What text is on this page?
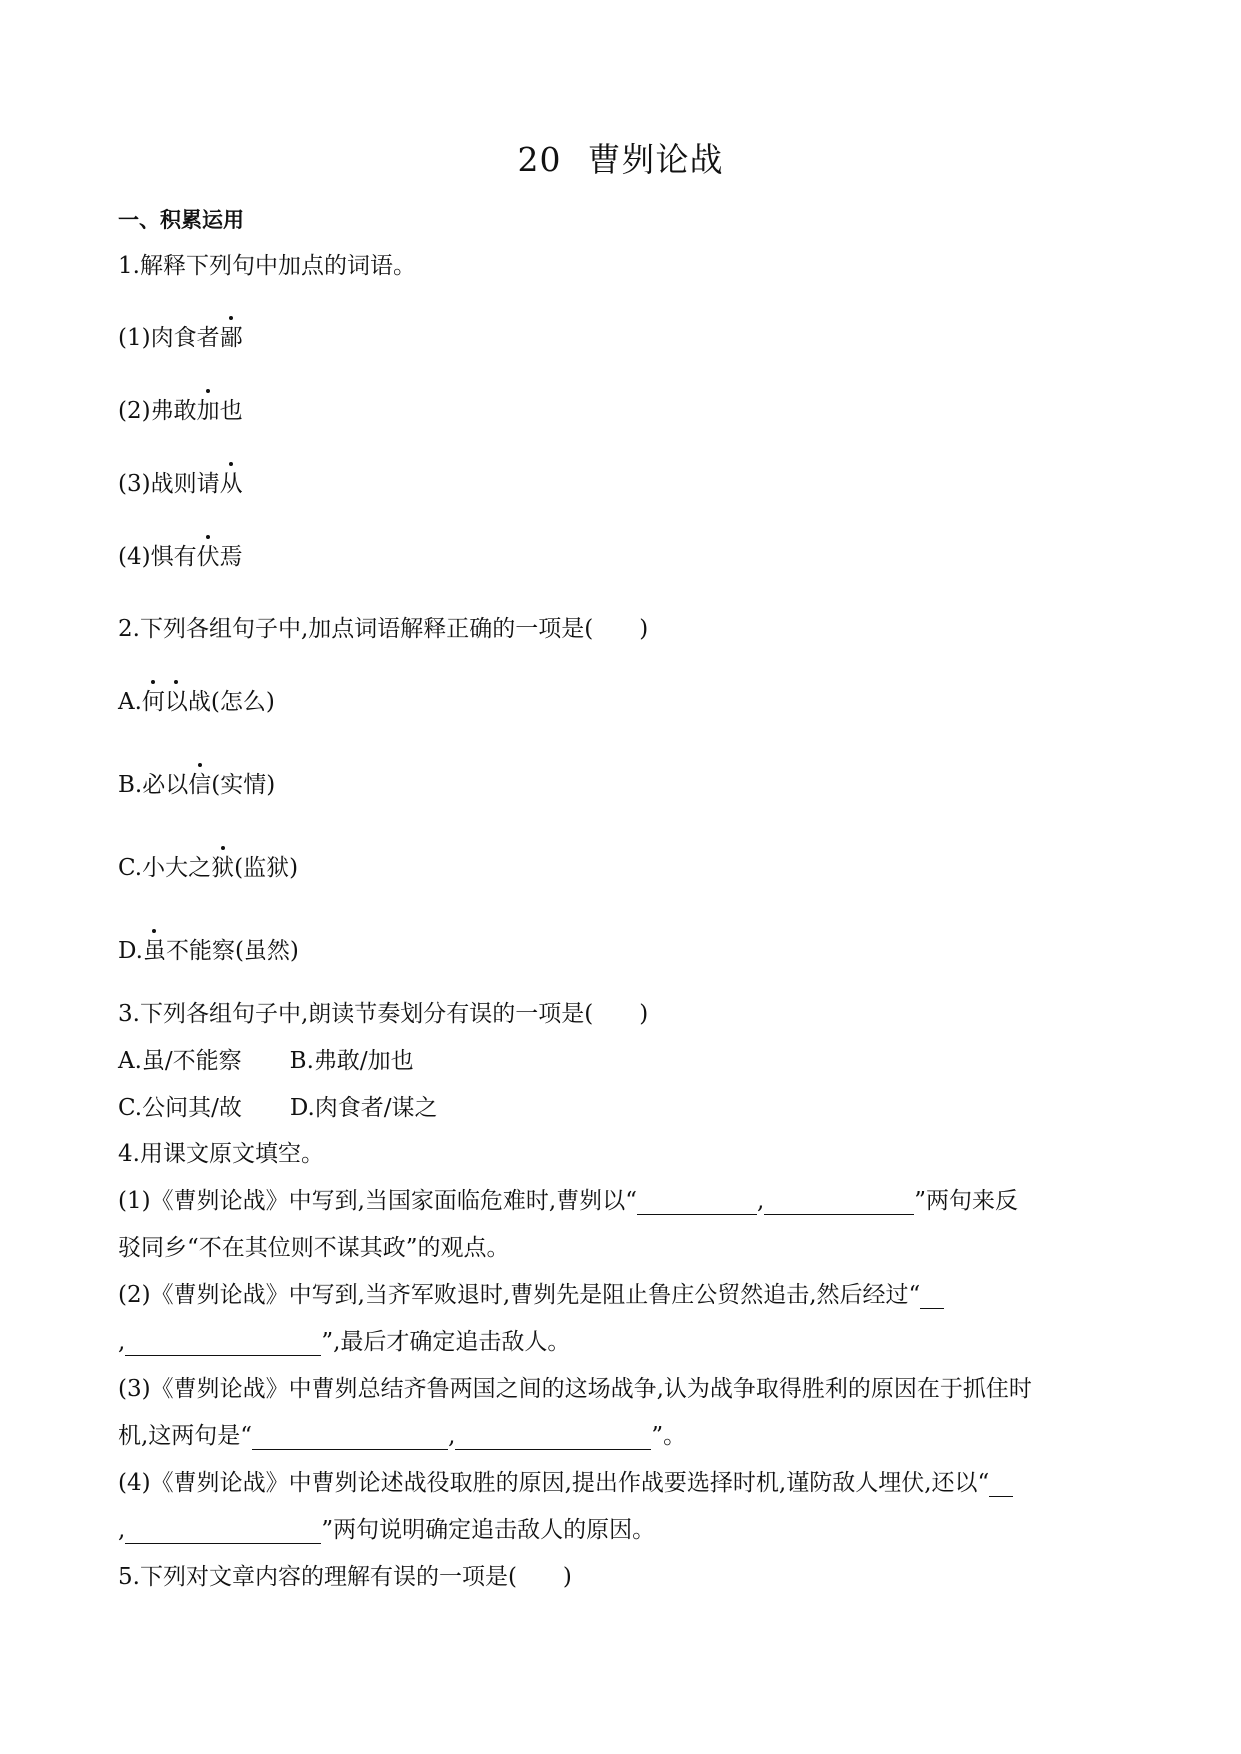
20 曹刿论战
一、积累运用
1.解释下列句中加点的词语。
(1)肉食者鄙
(2)弗敢加也
(3)战则请从
(4)惧有伏焉
2.下列各组句子中,加点词语解释正确的一项是(　　)
A.何以战(怎么)
B.必以信(实情)
C.小大之狱(监狱)
D.虽不能察(虽然)
3.下列各组句子中,朗读节奏划分有误的一项是(　　)
A.虽/不能察 B.弗敢/加也
C.公问其/故 D.肉食者/谋之
4.用课文原文填空。
(1)《曹刿论战》中写到,当国家面临危难时,曹刿以“	,	”两句来反
驳同乡“不在其位则不谋其政”的观点。
(2)《曹刿论战》中写到,当齐军败退时,曹刿先是阻止鲁庄公贸然追击,然后经过“
,	”,最后才确定追击敌人。
(3)《曹刿论战》中曹刿总结齐鲁两国之间的这场战争,认为战争取得胜利的原因在于抓住时
机,这两句是“	,	”。
(4)《曹刿论战》中曹刿论述战役取胜的原因,提出作战要选择时机,谨防敌人埋伏,还以“
,	”两句说明确定追击敌人的原因。
5.下列对文章内容的理解有误的一项是(　　)
